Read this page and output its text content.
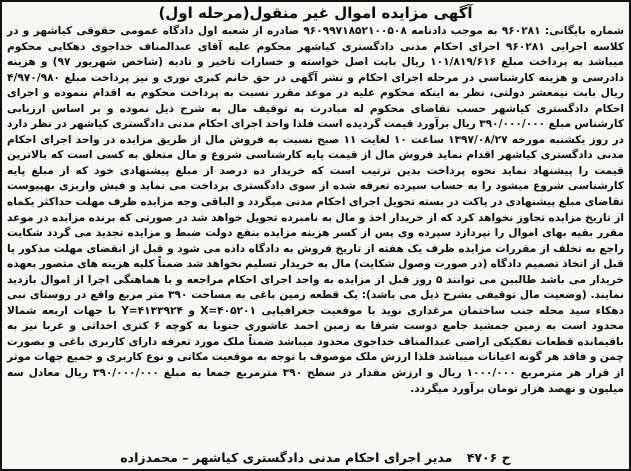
آگهی مزایده اموال غیر منقول(مرحله اول)

شماره بایگانی: ۹۶۰۲۸۱ به موجب دادنامه ۹۶۰۹۹۷۱۸۵۲۱۰۰۵۰۸ صادره از شعبه اول دادگاه عمومی حقوقی کیاشهر و در کلاسه اجرایی ۹۶۰۲۸۱ اجرای احکام مدنی دادگستری کیاشهر محکوم علیه آقای عبدالمناف خداجوی دهکایی محکوم میباشد به پرداخت مبلغ ۱۰۱/۸۱۹/۶۱۶ ریال بابت اصل خواسته و خسارات تاخیر و تادیه (شاخص شهریور ۹۷) و هزینه دادرسی و هزینه کارشناسی در مرحله اجرای احکام و نشر آگهی در حق خانم کبری نوری و نیز پرداخت مبلغ ۴/۹۷۰/۹۸۰ ریال بابت نیمعشر دولتی، نظر به اینکه محکوم علیه در موعد مقرر نسبت به پرداخت محکوم به اقدام ننموده و اجرای احکام دادگستری کیاشهر حسب تقاضای محکوم له مبادرت به توقیف مال به شرح ذیل نموده و بر اساس ارزیابی کارشناس مبلغ ۳۹۰/۰۰۰/۰۰۰ ریال برآورد قیمت گردیده است فلذا واحد اجرای احکام مدنی دادگستری کیاشهر در نظر دارد در روز یکشنبه مورخه ۱۳۹۷/۰۸/۲۷ ساعت ۱۰ لغایت ۱۱ صبح نسبت به فروش مال از طریق مزایده در واحد اجرای احکام مدنی دادگستری کیاشهر اقدام نماید فروش مال از قیمت پایه کارشناسی شروع و مال متعلق به کسی است که بالاترین قیمت را پیشنهاد نماید نحوه پرداخت بدین ترتیب است که خریدار ده درصد از مبلغ پیشنهادی خود که از مبلغ پایه کارشناسی شروع میشود را به حساب سپرده تعرفه شده از سوی دادگستری پرداخت می نماید و فیش واریزی بهپیوست تقاضای مبلغ پیشنهادی در پاکت در بسته تحویل اجرای احکام مدنی میگردد و الباقی وجه مزایده ظرف مهلت حداکثر یکماه از تاریخ مزایده تجاوز نخواهد کرد که از خریدار اخذ و مال به نامبرده تحویل خواهد شد در صورتی که برنده مزایده در موعد مقرر بقیه بهای اموال را نپردازد سپرده وی پس از کسر هزینه مزایده بنفع دولت ضبط و مزایده تجدید می گردد شکایت راجع به تخلف از مقررات مزایده ظرف یک هفته از تاریخ فروش به دادگاه داده می شود و قبل از انقضای مهلت مذکور یا قبل از اتخاذ تصمیم دادگاه (در صورت وصول شکایت) مال به خریدار تسلیم نخواهد شد ضمناً کلیه هزینه های متصور بعهده خریدار می باشد طالبین می توانند ۵ روز قبل از مزایده به واحد اجرای احکام مراجعه و با هماهنگی اجرا از اموال بازدید نمایند. (وضعیت مال توقیفی بشرح ذیل می باشد): یک قطعه زمین باغی به مساحت ۳۹۰ متر مربع واقع در روستای نبی دهکاء سید محله جنب ساختمان مرغداری نوید با موقعیت جغرافیایی ۴۰۵۲۰۱=X و ۴۱۳۳۹۲۴=Y با جهات اربعه شمالا محدود است به زمین جمشید جامع دوست شرقا به زمین احمد عاشوری جنوبا به کوچه ۶ کتری احداثی و غربا نیز به باقیمانده قطعات تفکیکی اراضی عبدالمناف خداجوی محدود میباشد ضمناً ملک مورد تعرفه دارای کاربری باغی و بصورت چمن و فاقد هر گونه اعیانات میباشد فلذا ارزش ملک موصوف با توجه به موقعیت مکانی و نوع کاربری و جمیع جهات موثر از قرار هر مترمربع ۱۰۰۰/۰۰۰ ریال و ارزش مقدار در سطح ۳۹۰ مترمربع جمعا به مبلغ ۳۹۰/۰۰۰/۰۰۰ ریال معادل سه میلیون و نهصد هزار تومان برآورد میگردد.

ح ۴۷۰۶ مدیر اجرای احکام مدنی دادگستری کیاشهر – محمدزاده
